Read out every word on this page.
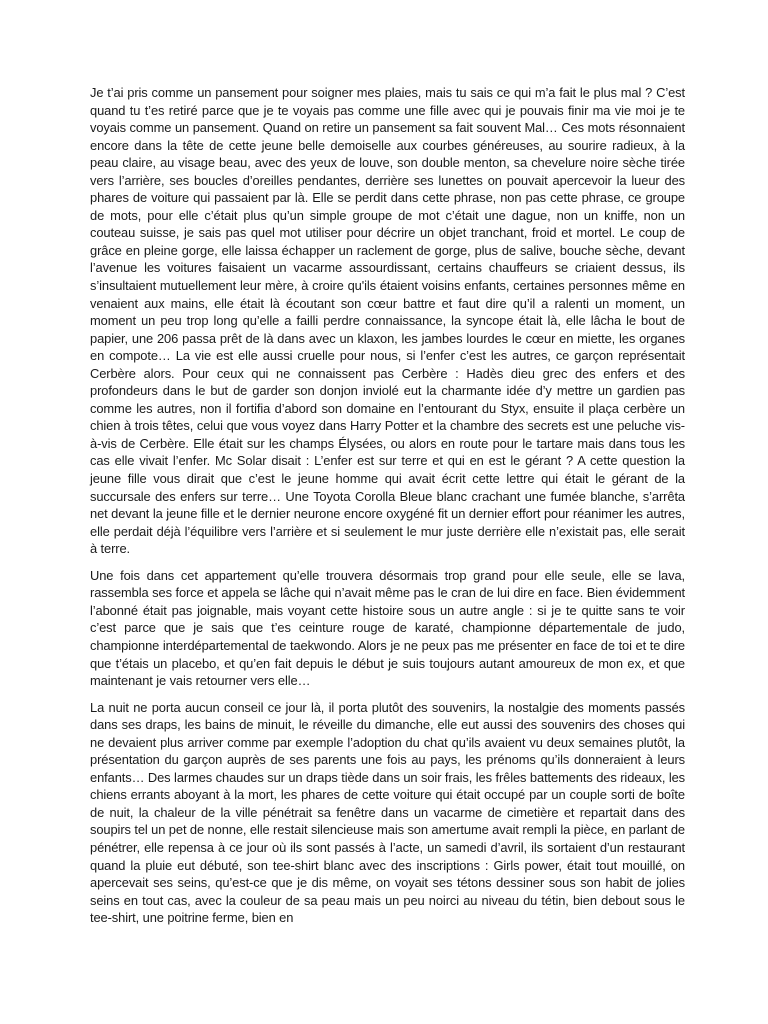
Je t’ai pris comme un pansement pour soigner mes plaies, mais tu sais ce qui m’a fait le plus mal ? C’est quand tu t’es retiré parce que je te voyais pas comme une fille avec qui je pouvais finir ma vie moi je te voyais comme un pansement. Quand on retire un pansement sa fait souvent Mal… Ces mots résonnaient encore dans la tête de cette jeune belle demoiselle aux courbes généreuses, au sourire radieux, à la peau claire, au visage beau, avec des yeux de louve, son double menton, sa chevelure noire sèche tirée vers l’arrière, ses boucles d’oreilles pendantes, derrière ses lunettes on pouvait apercevoir la lueur des phares de voiture qui passaient par là. Elle se perdit dans cette phrase, non pas cette phrase, ce groupe de mots, pour elle c’était plus qu’un simple groupe de mot c’était une dague, non un kniffe, non un couteau suisse, je sais pas quel mot utiliser pour décrire un objet tranchant, froid et mortel. Le coup de grâce en pleine gorge, elle laissa échapper un raclement de gorge, plus de salive, bouche sèche, devant l’avenue les voitures faisaient un vacarme assourdissant, certains chauffeurs se criaient dessus, ils s’insultaient mutuellement leur mère, à croire qu'ils étaient voisins enfants, certaines personnes même en venaient aux mains, elle était là écoutant son cœur battre et faut dire qu’il a ralenti un moment, un moment un peu trop long qu’elle a failli perdre connaissance, la syncope était là, elle lâcha le bout de papier, une 206 passa prêt de là dans avec un klaxon, les jambes lourdes le cœur en miette, les organes en compote… La vie est elle aussi cruelle pour nous, si l’enfer c’est les autres, ce garçon représentait Cerbère alors. Pour ceux qui ne connaissent pas Cerbère : Hadès dieu grec des enfers et des profondeurs dans le but de garder son donjon inviolé eut la charmante idée d’y mettre un gardien pas comme les autres, non il fortifia d’abord son domaine en l’entourant du Styx, ensuite il plaça cerbère un chien à trois têtes, celui que vous voyez dans Harry Potter et la chambre des secrets est une peluche vis-à-vis de Cerbère. Elle était sur les champs Élysées, ou alors en route pour le tartare mais dans tous les cas elle vivait l’enfer. Mc Solar disait : L’enfer est sur terre et qui en est le gérant ? A cette question la jeune fille vous dirait que c’est le jeune homme qui avait écrit cette lettre qui était le gérant de la succursale des enfers sur terre… Une Toyota Corolla Bleue blanc crachant une fumée blanche, s’arrêta net devant la jeune fille et le dernier neurone encore oxygéné fit un dernier effort pour réanimer les autres, elle perdait déjà l’équilibre vers l’arrière et si seulement le mur juste derrière elle n’existait pas, elle serait à terre.

Une fois dans cet appartement qu’elle trouvera désormais trop grand pour elle seule, elle se lava, rassembla ses force et appela se lâche qui n’avait même pas le cran de lui dire en face. Bien évidemment l’abonné était pas joignable, mais voyant cette histoire sous un autre angle : si je te quitte sans te voir c’est parce que je sais que t’es ceinture rouge de karaté, championne départementale de judo, championne interdépartemental de taekwondo. Alors je ne peux pas me présenter en face de toi et te dire que t’étais un placebo, et qu’en fait depuis le début je suis toujours autant amoureux de mon ex, et que maintenant je vais retourner vers elle…

La nuit ne porta aucun conseil ce jour là, il porta plutôt des souvenirs, la nostalgie des moments passés dans ses draps, les bains de minuit, le réveille du dimanche, elle eut aussi des souvenirs des choses qui ne devaient plus arriver comme par exemple l’adoption du chat qu’ils avaient vu deux semaines plutôt, la présentation du garçon auprès de ses parents une fois au pays, les prénoms qu’ils donneraient à leurs enfants… Des larmes chaudes sur un draps tiède dans un soir frais, les frêles battements des rideaux, les chiens errants aboyant à la mort, les phares de cette voiture qui était occupé par un couple sorti de boîte de nuit, la chaleur de la ville pénétrait sa fenêtre dans un vacarme de cimetière et repartait dans des soupirs tel un pet de nonne, elle restait silencieuse mais son amertume avait rempli la pièce, en parlant de pénétrer, elle repensa à ce jour où ils sont passés à l’acte, un samedi d’avril, ils sortaient d’un restaurant quand la pluie eut débuté, son tee-shirt blanc avec des inscriptions : Girls power, était tout mouillé, on apercevait ses seins, qu’est-ce que je dis même, on voyait ses tétons dessiner sous son habit de jolies seins en tout cas, avec la couleur de sa peau mais un peu noirci au niveau du tétin, bien debout sous le tee-shirt, une poitrine ferme, bien en
